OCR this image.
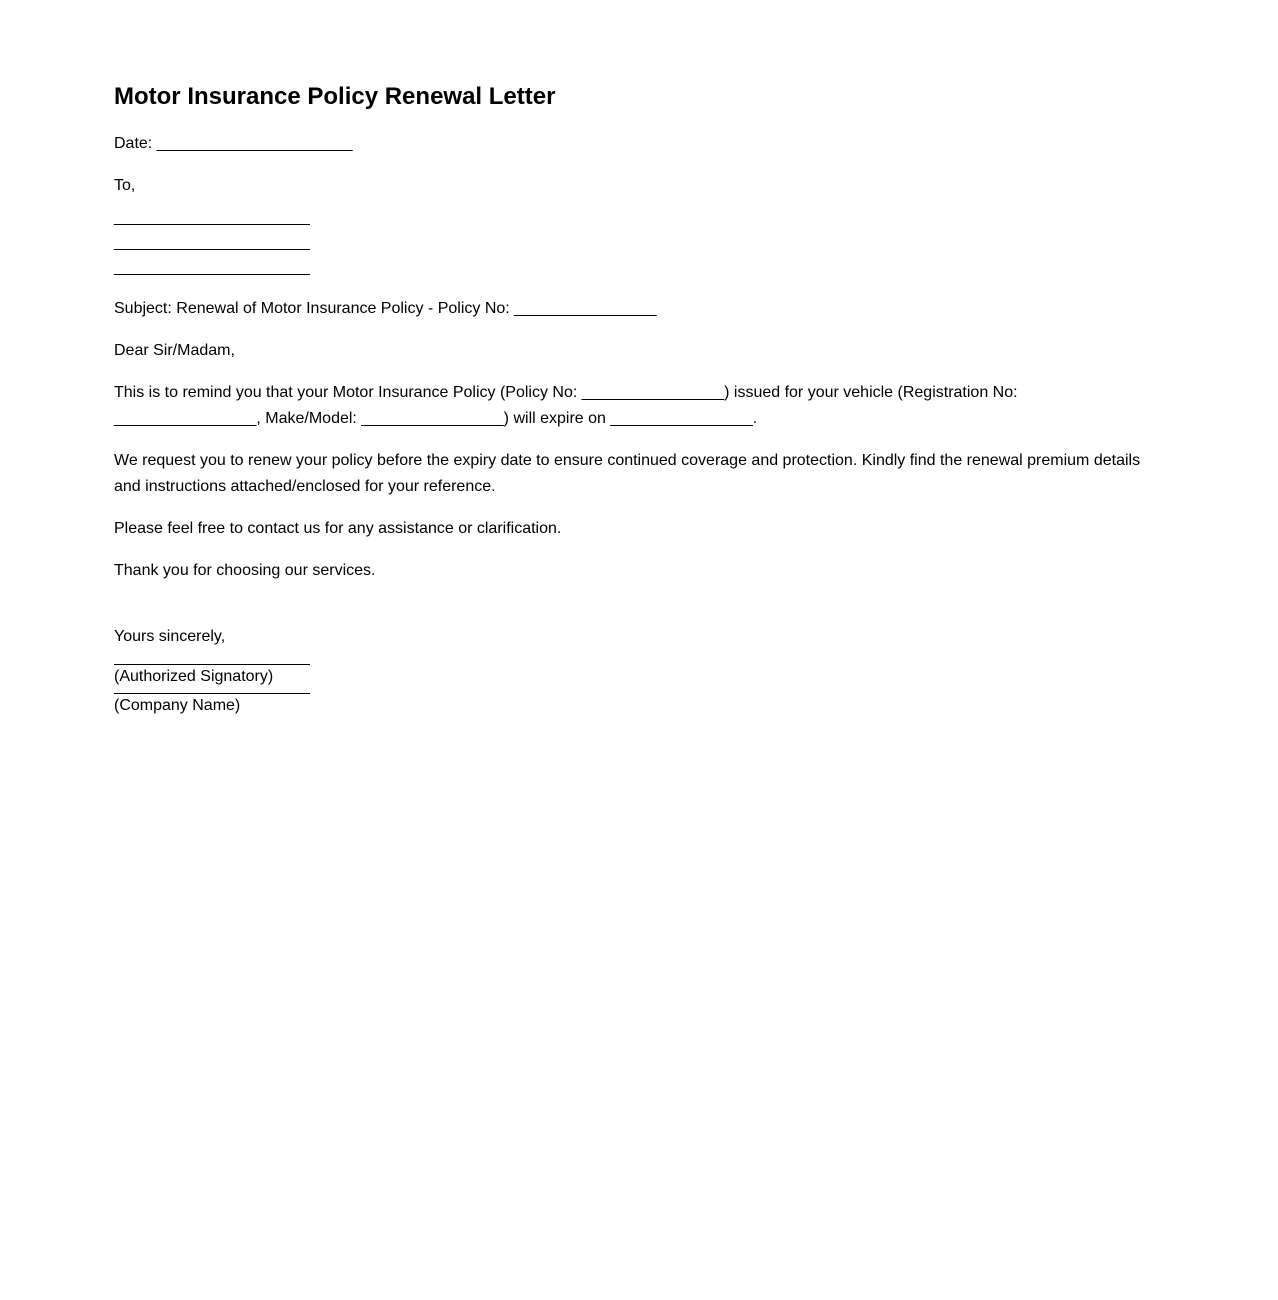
Motor Insurance Policy Renewal Letter

Date: ______________________

To,

______________________
______________________
______________________

Subject: Renewal of Motor Insurance Policy - Policy No: ________________

Dear Sir/Madam,

This is to remind you that your Motor Insurance Policy (Policy No: ________________) issued for your vehicle (Registration No: ________________, Make/Model: ________________) will expire on ________________.

We request you to renew your policy before the expiry date to ensure continued coverage and protection. Kindly find the renewal premium details and instructions attached/enclosed for your reference.

Please feel free to contact us for any assistance or clarification.

Thank you for choosing our services.

Yours sincerely,
(Authorized Signatory)
(Company Name)
